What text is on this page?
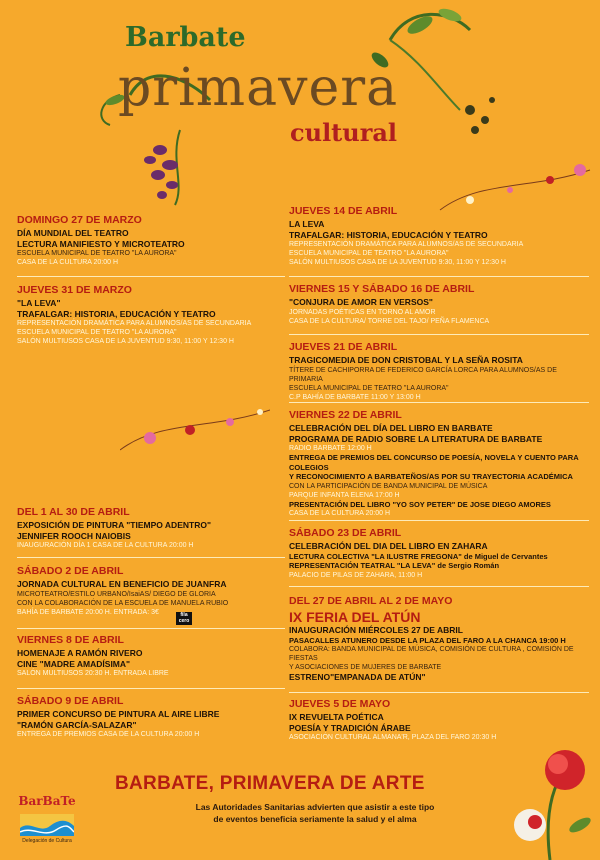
Barbate
primavera
cultural
DOMINGO 27 DE MARZO
DÍA MUNDIAL DEL TEATRO
LECTURA MANIFIESTO Y MICROTEATRO
ESCUELA MUNICIPAL DE TEATRO "LA AURORA"
CASA DE LA CULTURA 20:00 H
JUEVES 31 DE MARZO
"LA LEVA"
TRAFALGAR: HISTORIA, EDUCACIÓN Y TEATRO
REPRESENTACIÓN DRAMÁTICA PARA ALUMNOS/AS DE SECUNDARIA
ESCUELA MUNICIPAL DE TEATRO "LA AURORA"
SALÓN MULTIUSOS CASA DE LA JUVENTUD 9:30, 11:00 Y 12:30 H
DEL 1 AL 30 DE ABRIL
EXPOSICIÓN DE PINTURA "TIEMPO ADENTRO"
JENNIFER ROOCH NAIOBIS
INAUGURACIÓN DÍA 1 CASA DE LA CULTURA 20:00 H
SÁBADO 2 DE ABRIL
JORNADA CULTURAL EN BENEFICIO DE JUANFRA
MICROTEATRO/ESTILO URBANO/IsaiAS/ DIEGO DE GLORIA
CON LA COLABORACIÓN DE LA ESCUELA DE MANUELA RUBIO
BAHÍA DE BARBATE 20:00 H. ENTRADA: 3€	fila
cero
VIERNES 8 DE ABRIL
HOMENAJE A RAMÓN RIVERO
CINE "MADRE AMADÍSIMA"
SALÓN MULTIUSOS 20:30 H. ENTRADA LIBRE
SÁBADO 9 DE ABRIL
PRIMER CONCURSO DE PINTURA AL AIRE LIBRE
"RAMÓN GARCÍA-SALAZAR"
ENTREGA DE PREMIOS CASA DE LA CULTURA 20:00 H
JUEVES 14 DE ABRIL
LA LEVA
TRAFALGAR: HISTORIA, EDUCACIÓN Y TEATRO
REPRESENTACIÓN DRAMÁTICA PARA ALUMNOS/AS DE SECUNDARIA
ESCUELA MUNICIPAL DE TEATRO "LA AURORA"
SALÓN MULTIUSOS CASA DE LA JUVENTUD 9:30, 11:00 Y 12:30 H
VIERNES 15 Y SÁBADO 16 DE ABRIL
"CONJURA DE AMOR EN VERSOS"
JORNADAS POÉTICAS EN TORNO AL AMOR
CASA DE LA CULTURA/ TORRE DEL TAJO/ PEÑA FLAMENCA
JUEVES 21 DE ABRIL
TRAGICOMEDIA DE DON CRISTOBAL Y LA SEÑA ROSITA
TÍTERE DE CACHIPORRA DE FEDERICO GARCÍA LORCA PARA ALUMNOS/AS DE PRIMARIA
ESCUELA MUNICIPAL DE TEATRO "LA AURORA"
C.P BAHÍA DE BARBATE 11:00 Y 13:00 H
VIERNES 22 DE ABRIL
CELEBRACIÓN DEL DÍA DEL LIBRO EN BARBATE
PROGRAMA DE RADIO SOBRE LA LITERATURA DE BARBATE
RADIO BARBATE 12:00 H
ENTREGA DE PREMIOS DEL CONCURSO DE POESÍA, NOVELA Y CUENTO PARA COLEGIOS
Y RECONOCIMIENTO A BARBATEÑOS/AS POR SU TRAYECTORIA ACADÉMICA
CON LA PARTICIPACIÓN DE BANDA MUNICIPAL DE MÚSICA
PARQUE INFANTA ELENA 17:00 H
PRESENTACIÓN DEL LIBRO "YO SOY PETER" DE JOSE DIEGO AMORES
CASA DE LA CULTURA 20:00 H
SÁBADO 23 DE ABRIL
CELEBRACIÓN DEL DIA DEL LIBRO EN ZAHARA
LECTURA COLECTIVA "LA ILUSTRE FREGONA" de Miguel de Cervantes
REPRESENTACIÓN TEATRAL "LA LEVA" de Sergio Román
PALACIO DE PILAS DE ZAHARA, 11:00 H
DEL 27 DE ABRIL AL 2 DE MAYO
IX FERIA DEL ATÚN
INAUGURACIÓN MIÉRCOLES 27 DE ABRIL
PASACALLES ATUNERO DESDE LA PLAZA DEL FARO A LA CHANCA 19:00 H
COLABORA: BANDA MUNICIPAL DE MÚSICA, COMISIÓN DE CULTURA , COMISIÓN DE FIESTAS
Y ASOCIACIONES DE MUJERES DE BARBATE
ESTRENO"EMPANADA DE ATÚN"
JUEVES 5 DE MAYO
IX REVUELTA POÉTICA
POESÍA Y TRADICIÓN ÁRABE
ASOCIACIÓN CULTURAL ALMANA'R, PLAZA DEL FARO 20:30 H
BarBaTe
Delegación de Cultura
BARBATE, PRIMAVERA DE ARTE
Las Autoridades Sanitarias advierten que asistir a este tipo
de eventos beneficia seriamente la salud y el alma
